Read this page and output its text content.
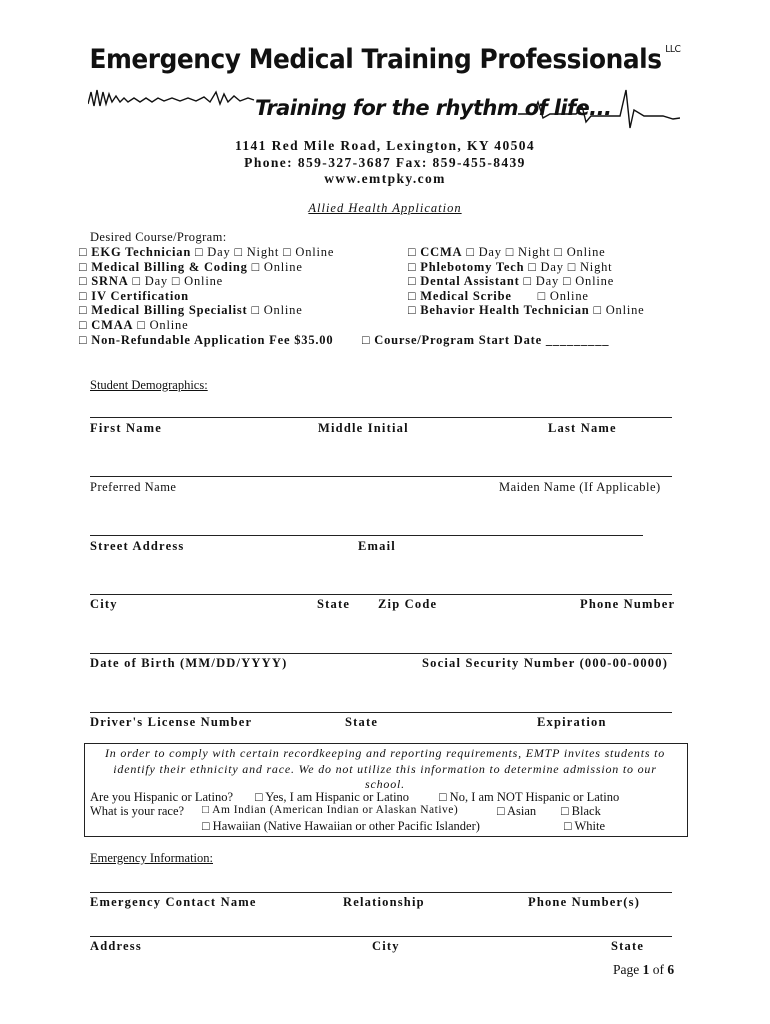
Emergency Medical Training Professionals $^{LLC}$
Training for the rhythm of life...
1141 Red Mile Road, Lexington, KY 40504
Phone: 859-327-3687 Fax: 859-455-8439
www.emtpky.com
Allied Health Application
Desired Course/Program:
□ EKG Technician □ Day □ Night □ Online
□ Medical Billing & Coding □ Online
□ SRNA □ Day □ Online
□ IV Certification
□ Medical Billing Specialist □ Online
□ CMAA □ Online
□ Non-Refundable Application Fee $35.00
□ CCMA □ Day □ Night □ Online
□ Phlebotomy Tech □ Day □ Night
□ Dental Assistant □ Day □ Online
□ Medical Scribe □ Online
□ Behavior Health Technician □ Online
□ Course/Program Start Date _________
Student Demographics:
First Name	Middle Initial	Last Name
Preferred Name	Maiden Name (If Applicable)
Street Address	Email
City	State Zip Code	Phone Number
Date of Birth (MM/DD/YYYY)	Social Security Number (000-00-0000)
Driver's License Number	State	Expiration
In order to comply with certain recordkeeping and reporting requirements, EMTP invites students to identify their ethnicity and race. We do not utilize this information to determine admission to our school.
Are you Hispanic or Latino? □ Yes, I am Hispanic or Latino □ No, I am NOT Hispanic or Latino
What is your race? □ Am Indian (American Indian or Alaskan Native)	□ Asian □ Black
□ Hawaiian (Native Hawaiian or other Pacific Islander)	□ White
Emergency Information:
Emergency Contact Name	Relationship	Phone Number(s)
Address	City	State
Page 1 of 6
